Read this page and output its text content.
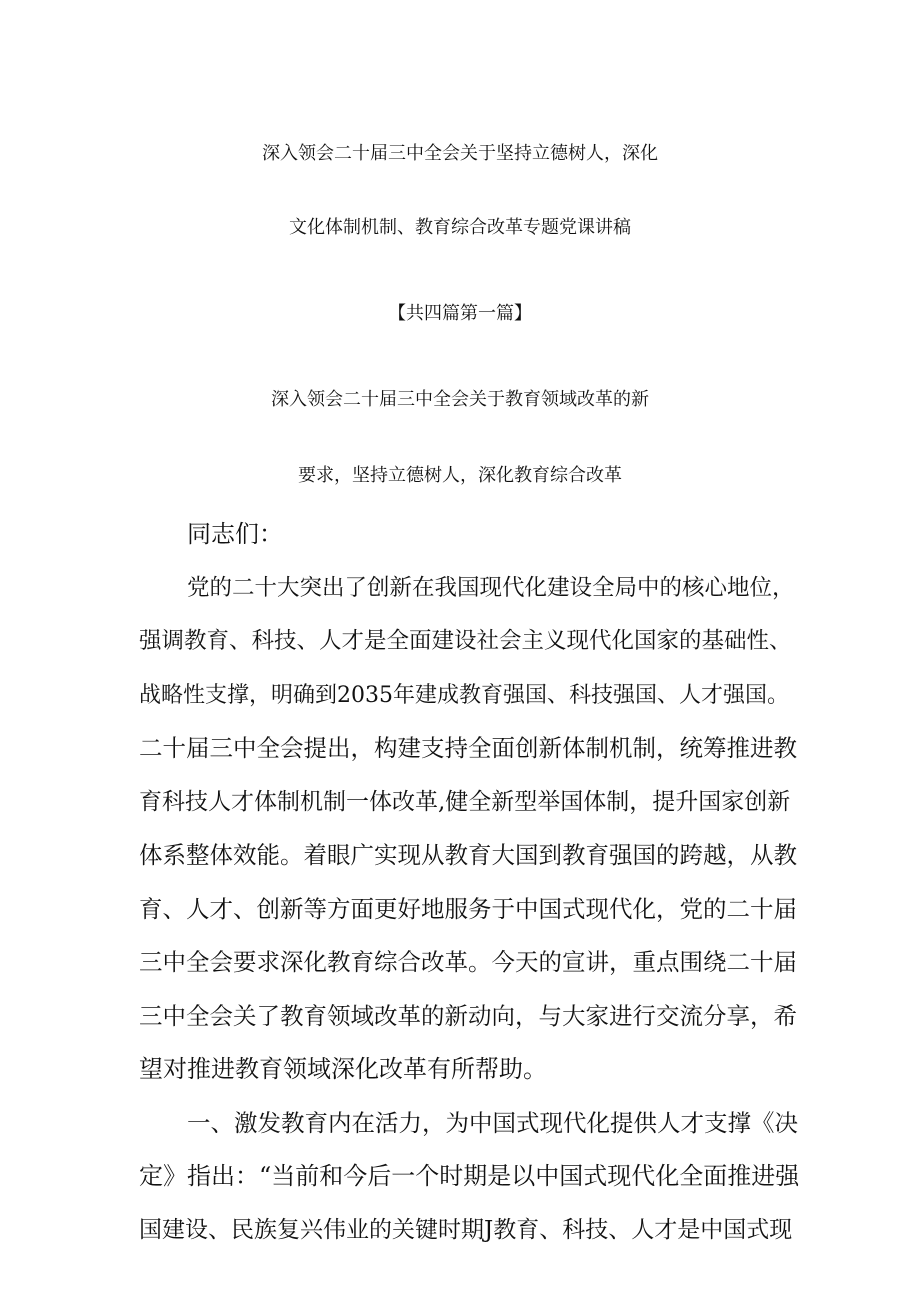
深入领会二十届三中全会关于坚持立德树人，深化
文化体制机制、教育综合改革专题党课讲稿
【共四篇第一篇】
深入领会二十届三中全会关于教育领域改革的新
要求，坚持立德树人，深化教育综合改革
同志们：
党的二十大突出了创新在我国现代化建设全局中的核心地位，
强调教育、科技、人才是全面建设社会主义现代化国家的基础性、
战略性支撑，明确到2035年建成教育强国、科技强国、人才强国。
二十届三中全会提出，构建支持全面创新体制机制，统筹推进教
育科技人才体制机制一体改革,健全新型举国体制，提升国家创新
体系整体效能。着眼广实现从教育大国到教育强国的跨越，从教
育、人才、创新等方面更好地服务于中国式现代化，党的二十届
三中全会要求深化教育综合改革。今天的宣讲，重点围绕二十届
三中全会关了教育领域改革的新动向，与大家进行交流分享，希
望对推进教育领域深化改革有所帮助。
一、激发教育内在活力，为中国式现代化提供人才支撑《决
定》指出：“当前和今后一个时期是以中国式现代化全面推进强
国建设、民族复兴伟业的关键时期J教育、科技、人才是中国式现
